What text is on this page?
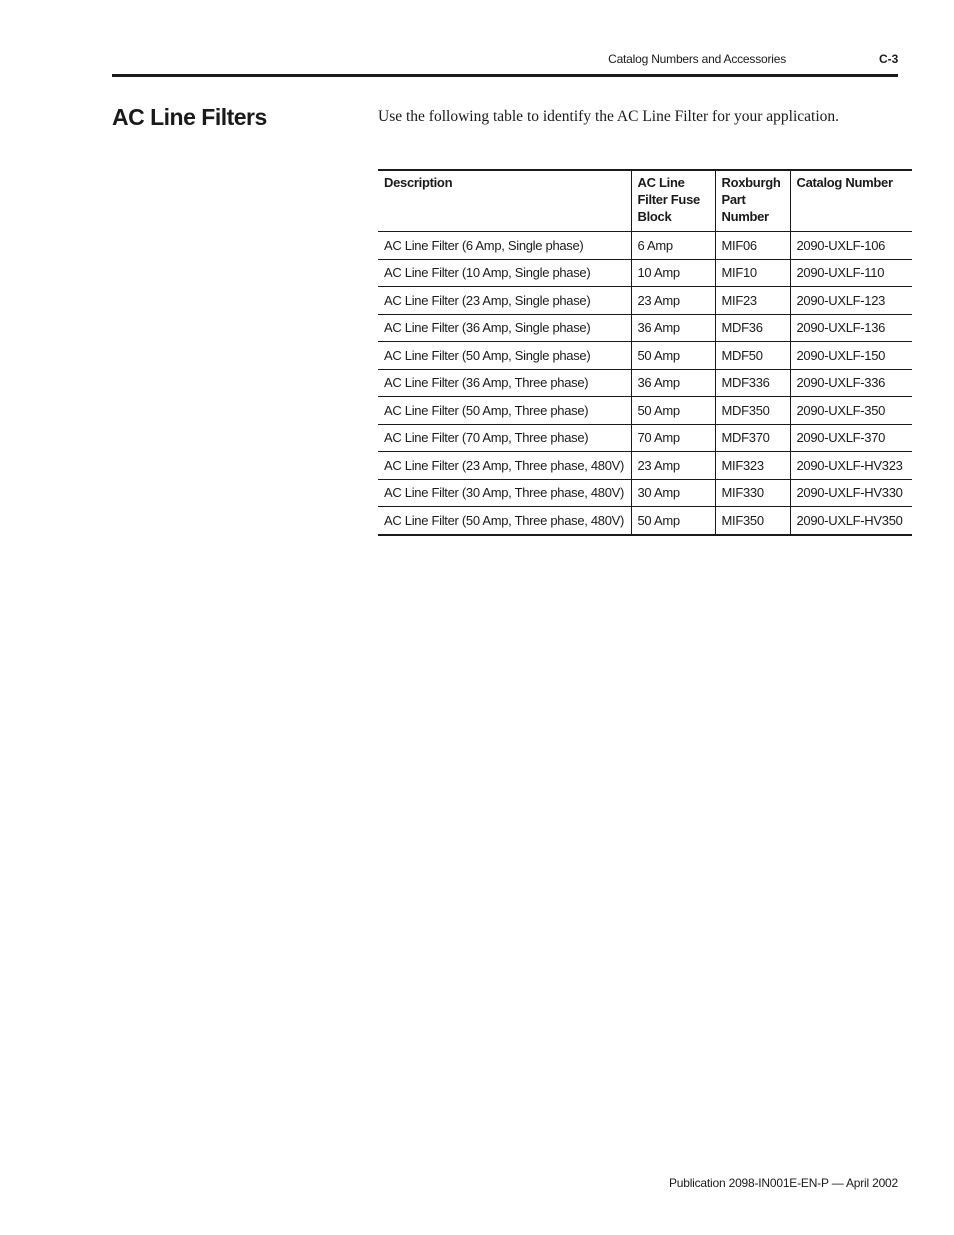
Catalog Numbers and Accessories	C-3
AC Line Filters	Use the following table to identify the AC Line Filter for your application.

Description	AC Line Filter Fuse Block	Roxburgh Part Number	Catalog Number
AC Line Filter (6 Amp, Single phase)	6 Amp	MIF06	2090-UXLF-106
AC Line Filter (10 Amp, Single phase)	10 Amp	MIF10	2090-UXLF-110
AC Line Filter (23 Amp, Single phase)	23 Amp	MIF23	2090-UXLF-123
AC Line Filter (36 Amp, Single phase)	36 Amp	MDF36	2090-UXLF-136
AC Line Filter (50 Amp, Single phase)	50 Amp	MDF50	2090-UXLF-150
AC Line Filter (36 Amp, Three phase)	36 Amp	MDF336	2090-UXLF-336
AC Line Filter (50 Amp, Three phase)	50 Amp	MDF350	2090-UXLF-350
AC Line Filter (70 Amp, Three phase)	70 Amp	MDF370	2090-UXLF-370
AC Line Filter (23 Amp, Three phase, 480V)	23 Amp	MIF323	2090-UXLF-HV323
AC Line Filter (30 Amp, Three phase, 480V)	30 Amp	MIF330	2090-UXLF-HV330
AC Line Filter (50 Amp, Three phase, 480V)	50 Amp	MIF350	2090-UXLF-HV350
Publication 2098-IN001E-EN-P — April 2002
